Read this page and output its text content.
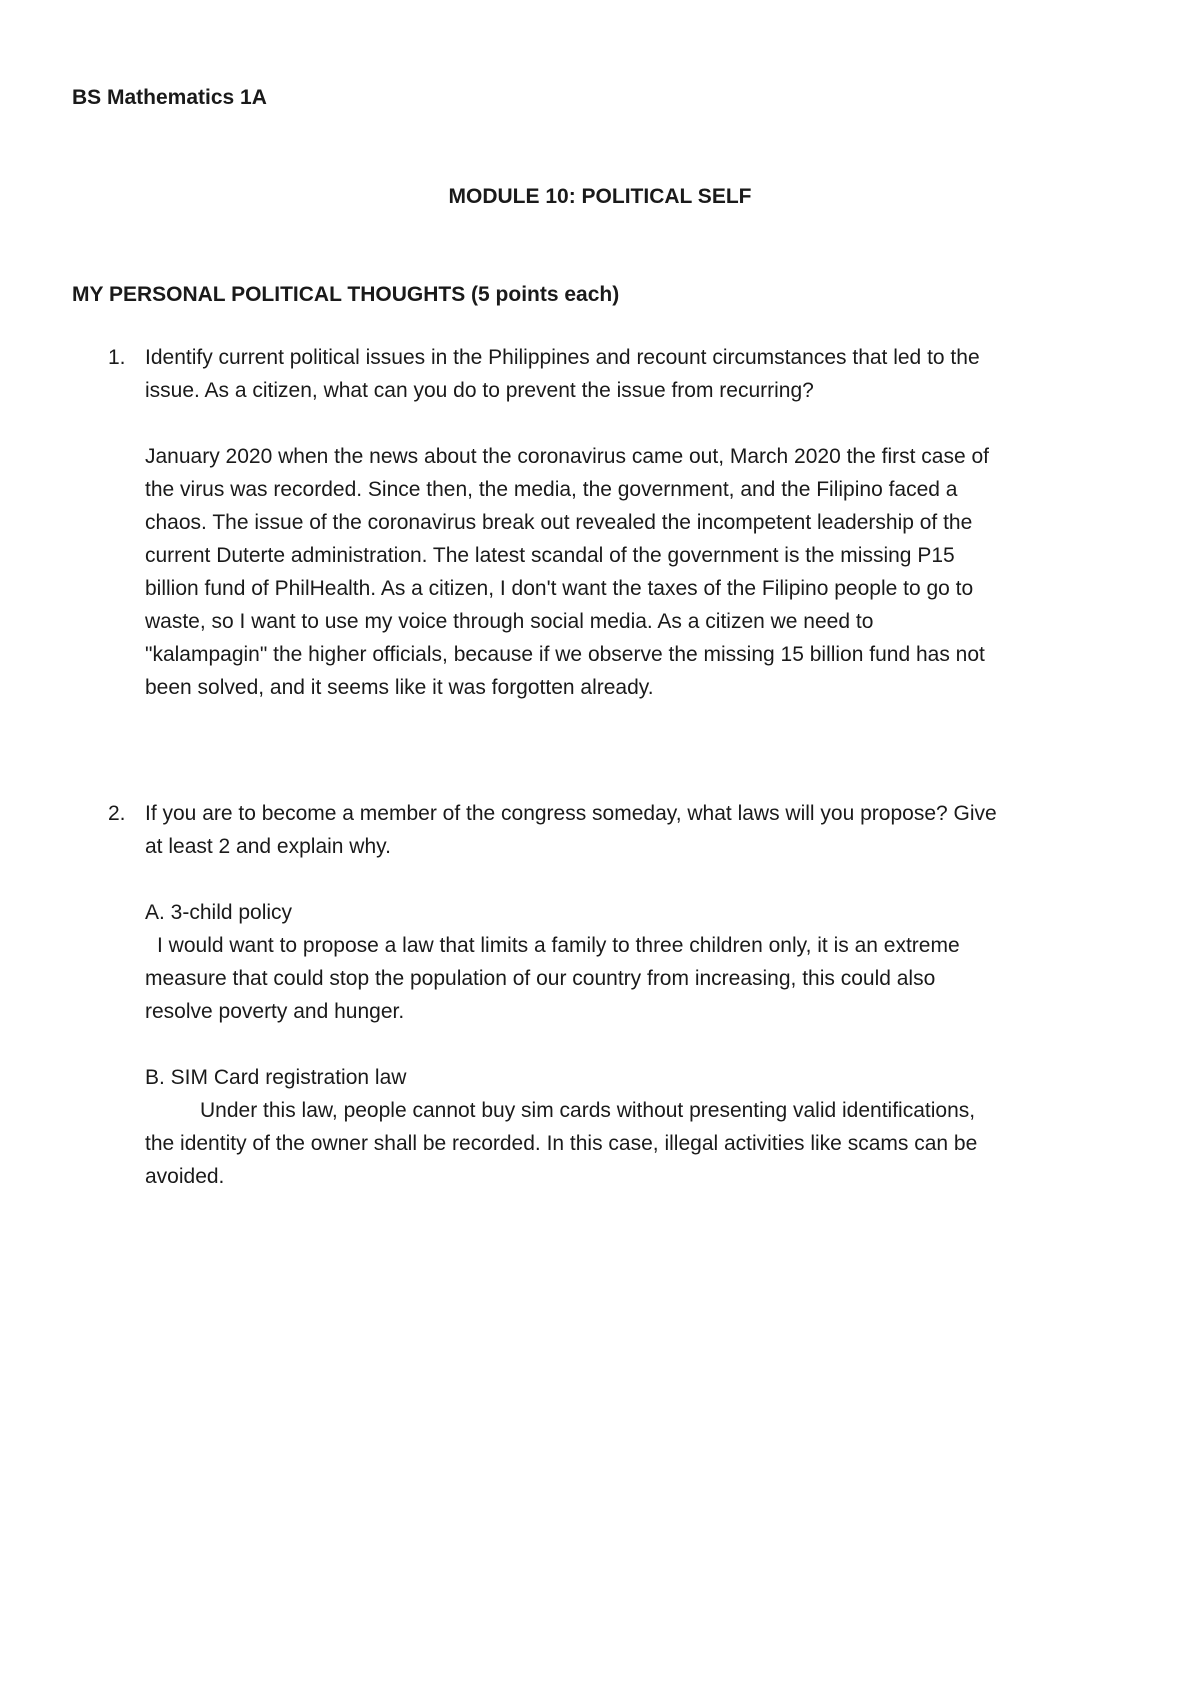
BS Mathematics 1A
MODULE 10: POLITICAL SELF
MY PERSONAL POLITICAL THOUGHTS (5 points each)
1. Identify current political issues in the Philippines and recount circumstances that led to the
issue. As a citizen, what can you do to prevent the issue from recurring?
January 2020 when the news about the coronavirus came out, March 2020 the first case of
the virus was recorded. Since then, the media, the government, and the Filipino faced a
chaos. The issue of the coronavirus break out revealed the incompetent leadership of the
current Duterte administration. The latest scandal of the government is the missing P15
billion fund of PhilHealth. As a citizen, I don't want the taxes of the Filipino people to go to
waste, so I want to use my voice through social media. As a citizen we need to
"kalampagin" the higher officials, because if we observe the missing 15 billion fund has not
been solved, and it seems like it was forgotten already.
2. If you are to become a member of the congress someday, what laws will you propose? Give
at least 2 and explain why.
A. 3-child policy
I would want to propose a law that limits a family to three children only, it is an extreme
measure that could stop the population of our country from increasing, this could also
resolve poverty and hunger.
B. SIM Card registration law
Under this law, people cannot buy sim cards without presenting valid identifications,
the identity of the owner shall be recorded. In this case, illegal activities like scams can be
avoided.
